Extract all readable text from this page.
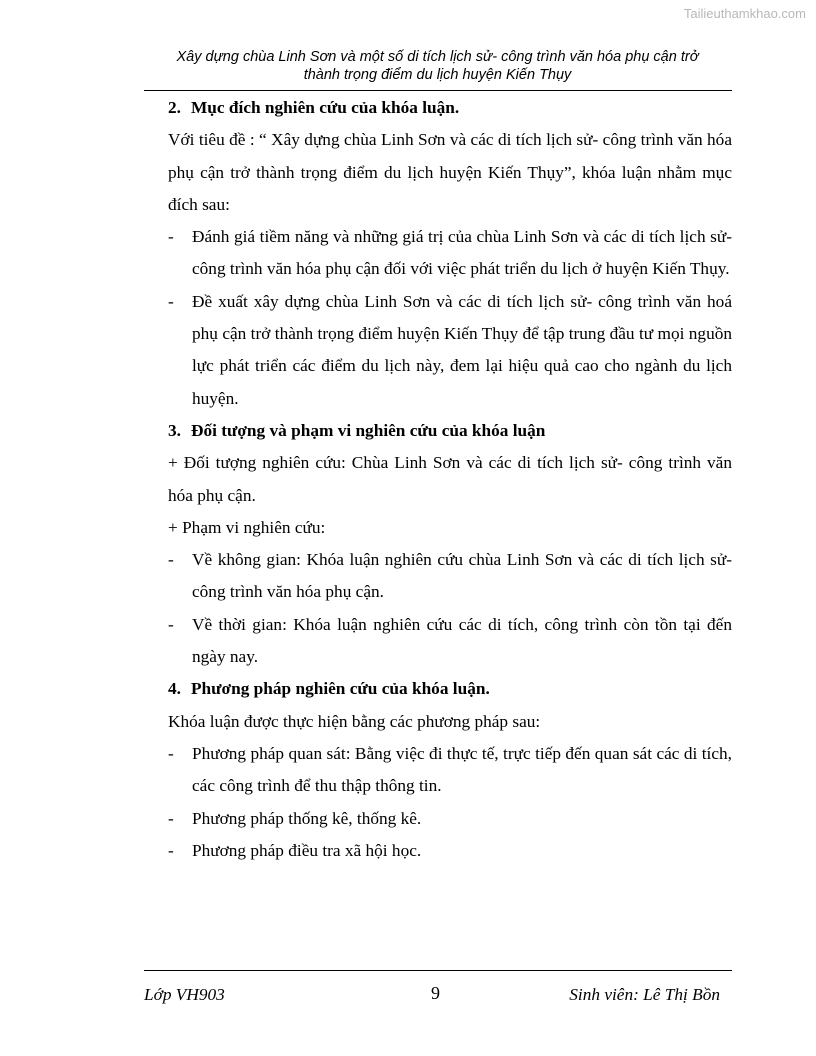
Tailieuthamkhao.com
Xây dựng chùa Linh Sơn và một số di tích lịch sử- công trình văn hóa phụ cận trở
thành trọng điểm du lịch huyện Kiến Thụy
2. Mục đích nghiên cứu của khóa luận.

Với tiêu đề : “ Xây dựng chùa Linh Sơn và các di tích lịch sử- công trình văn hóa phụ cận trở thành trọng điểm du lịch huyện Kiến Thụy”, khóa luận nhằm mục đích sau:

-	Đánh giá tiềm năng và những giá trị của chùa Linh Sơn và các di tích lịch sử- công trình văn hóa phụ cận đối với việc phát triển du lịch ở huyện Kiến Thụy.
-	Đề xuất xây dựng chùa Linh Sơn và các di tích lịch sử- công trình văn hoá phụ cận trở thành trọng điểm huyện Kiến Thụy để tập trung đầu tư mọi nguồn lực phát triển các điểm du lịch này, đem lại hiệu quả cao cho ngành du lịch huyện.
3. Đối tượng và phạm vi nghiên cứu của khóa luận

+ Đối tượng nghiên cứu: Chùa Linh Sơn và các di tích lịch sử- công trình văn hóa phụ cận.

+ Phạm vi nghiên cứu:

-	Về không gian: Khóa luận nghiên cứu chùa Linh Sơn và các di tích lịch sử- công trình văn hóa phụ cận.
-	Về thời gian: Khóa luận nghiên cứu các di tích, công trình còn tồn tại đến ngày nay.
4. Phương pháp nghiên cứu của khóa luận.

Khóa luận được thực hiện bằng các phương pháp sau:

-	Phương pháp quan sát: Bằng việc đi thực tế, trực tiếp đến quan sát các di tích, các công trình để thu thập thông tin.
-	Phương pháp thống kê, thống kê.
-	Phương pháp điều tra xã hội học.
Lớp VH903	9	Sinh viên: Lê Thị Bồn
